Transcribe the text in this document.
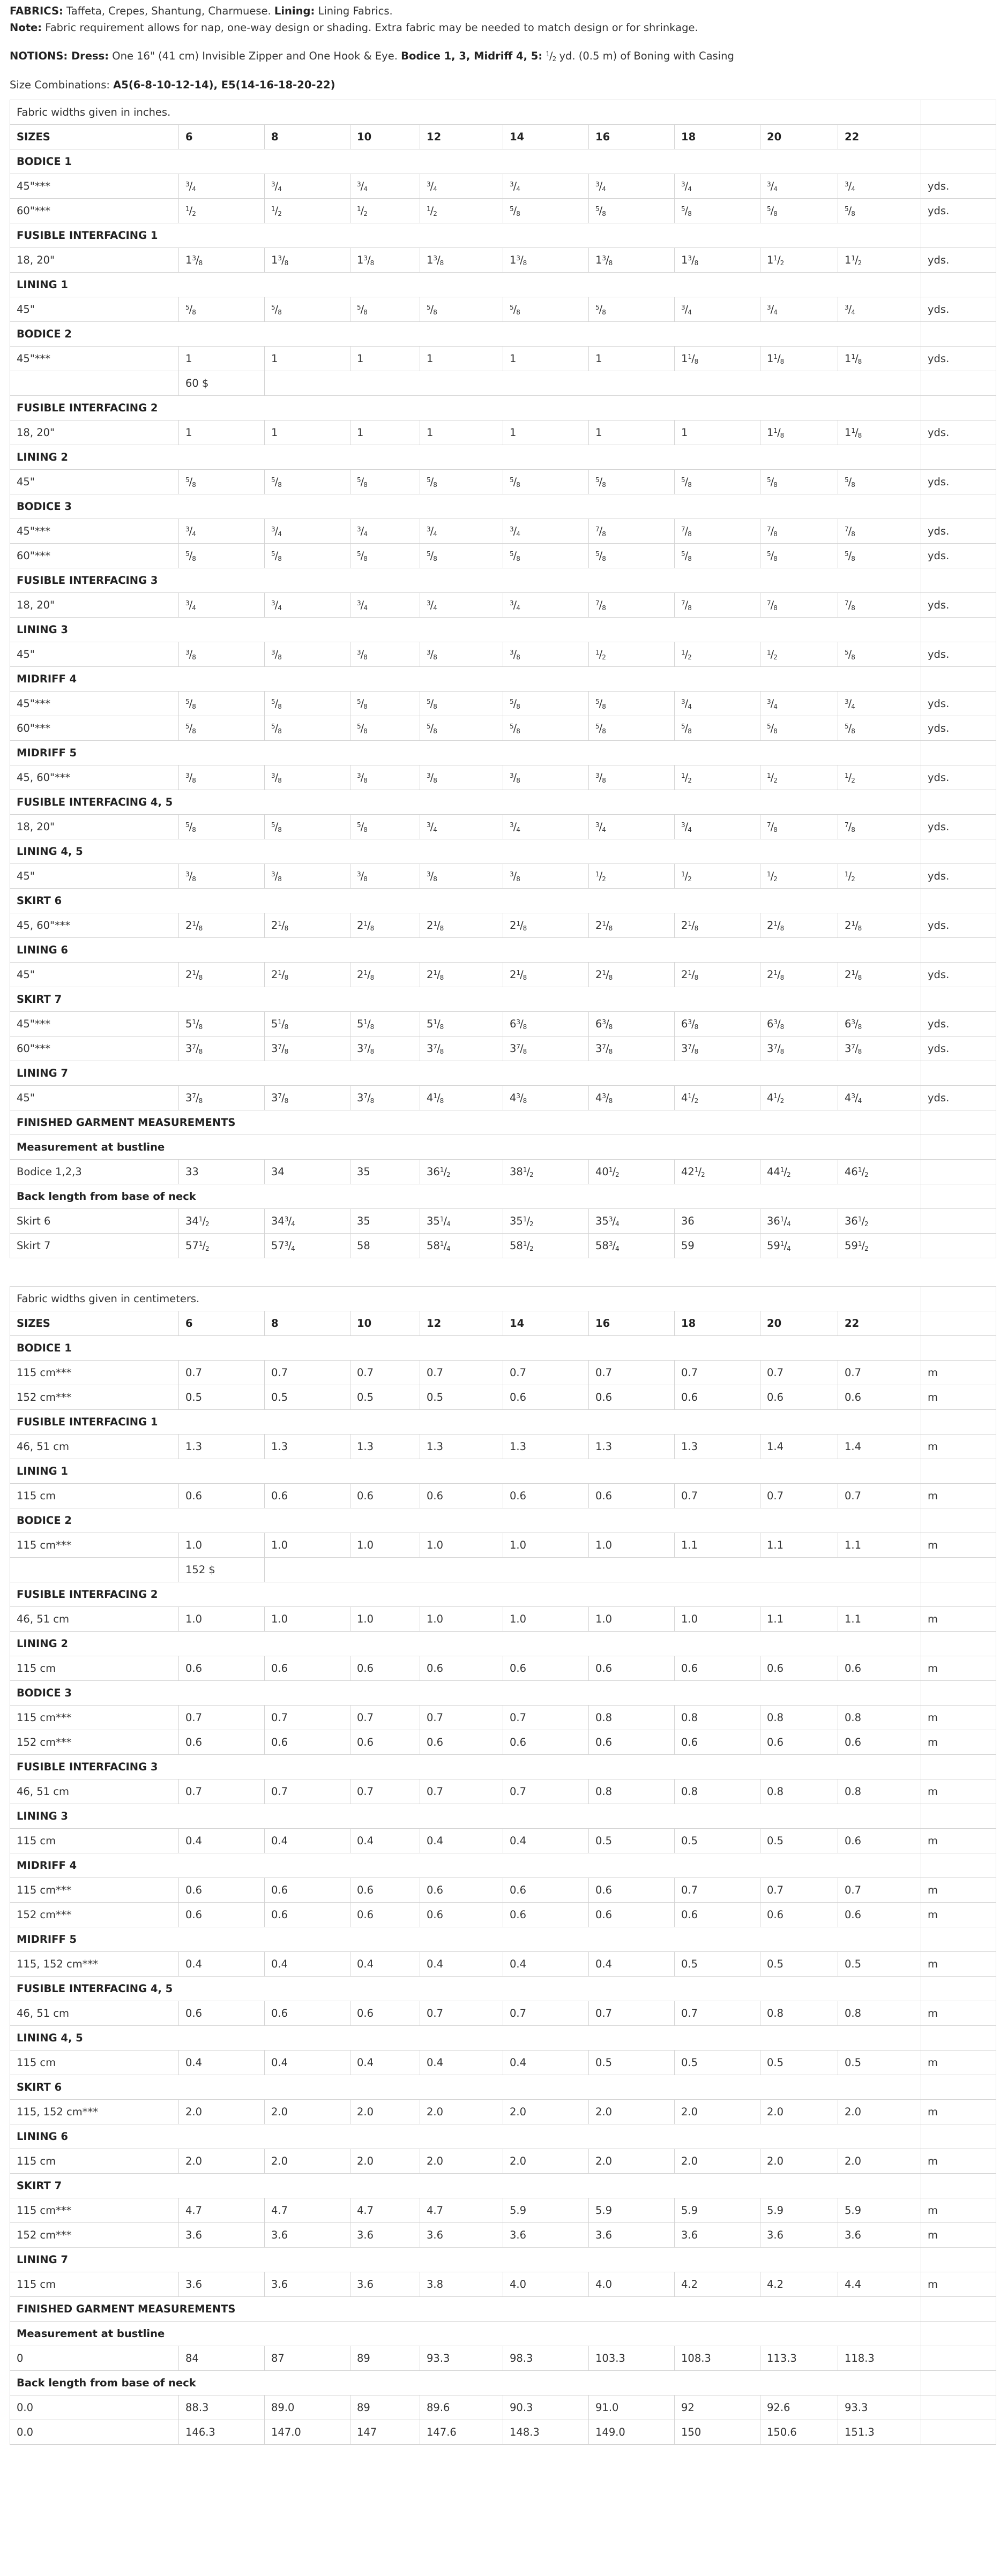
FABRICS: Taffeta, Crepes, Shantung, Charmuese. Lining: Lining Fabrics.

Note: Fabric requirement allows for nap, one-way design or shading. Extra fabric may be needed to match design or for shrinkage.

NOTIONS: Dress: One 16" (41 cm) Invisible Zipper and One Hook & Eye. Bodice 1, 3, Midriff 4, 5: $^1/_2$ yd. (0.5 m) of Boning with Casing

Size Combinations: A5(6-8-10-12-14), E5(14-16-18-20-22)

Fabric widths given in inches.										
SIZES	6	8	10	12	14	16	18	20	22	
BODICE 1										
45"***	$^3/_4$	$^3/_4$	$^3/_4$	$^3/_4$	$^3/_4$	$^3/_4$	$^3/_4$	$^3/_4$	$^3/_4$	yds.
60"***	$^1/_2$	$^1/_2$	$^1/_2$	$^1/_2$	$^5/_8$	$^5/_8$	$^5/_8$	$^5/_8$	$^5/_8$	yds.
FUSIBLE INTERFACING 1										
18, 20"	$1^3/_8$	$1^3/_8$	$1^3/_8$	$1^3/_8$	$1^3/_8$	$1^3/_8$	$1^3/_8$	$1^1/_2$	$1^1/_2$	yds.
LINING 1										
45"	$^5/_8$	$^5/_8$	$^5/_8$	$^5/_8$	$^5/_8$	$^5/_8$	$^3/_4$	$^3/_4$	$^3/_4$	yds.
BODICE 2										
45"***	1	1	1	1	1	1	$1^1/_8$	$1^1/_8$	$1^1/_8$	yds.
	60 $									
FUSIBLE INTERFACING 2										
18, 20"	1	1	1	1	1	1	1	$1^1/_8$	$1^1/_8$	yds.
LINING 2										
45"	$^5/_8$	$^5/_8$	$^5/_8$	$^5/_8$	$^5/_8$	$^5/_8$	$^5/_8$	$^5/_8$	$^5/_8$	yds.
BODICE 3										
45"***	$^3/_4$	$^3/_4$	$^3/_4$	$^3/_4$	$^3/_4$	$^7/_8$	$^7/_8$	$^7/_8$	$^7/_8$	yds.
60"***	$^5/_8$	$^5/_8$	$^5/_8$	$^5/_8$	$^5/_8$	$^5/_8$	$^5/_8$	$^5/_8$	$^5/_8$	yds.
FUSIBLE INTERFACING 3										
18, 20"	$^3/_4$	$^3/_4$	$^3/_4$	$^3/_4$	$^3/_4$	$^7/_8$	$^7/_8$	$^7/_8$	$^7/_8$	yds.
LINING 3										
45"	$^3/_8$	$^3/_8$	$^3/_8$	$^3/_8$	$^3/_8$	$^1/_2$	$^1/_2$	$^1/_2$	$^5/_8$	yds.
MIDRIFF 4										
45"***	$^5/_8$	$^5/_8$	$^5/_8$	$^5/_8$	$^5/_8$	$^5/_8$	$^3/_4$	$^3/_4$	$^3/_4$	yds.
60"***	$^5/_8$	$^5/_8$	$^5/_8$	$^5/_8$	$^5/_8$	$^5/_8$	$^5/_8$	$^5/_8$	$^5/_8$	yds.
MIDRIFF 5										
45, 60"***	$^3/_8$	$^3/_8$	$^3/_8$	$^3/_8$	$^3/_8$	$^3/_8$	$^1/_2$	$^1/_2$	$^1/_2$	yds.
FUSIBLE INTERFACING 4, 5										
18, 20"	$^5/_8$	$^5/_8$	$^5/_8$	$^3/_4$	$^3/_4$	$^3/_4$	$^3/_4$	$^7/_8$	$^7/_8$	yds.
LINING 4, 5										
45"	$^3/_8$	$^3/_8$	$^3/_8$	$^3/_8$	$^3/_8$	$^1/_2$	$^1/_2$	$^1/_2$	$^1/_2$	yds.
SKIRT 6										
45, 60"***	$2^1/_8$	$2^1/_8$	$2^1/_8$	$2^1/_8$	$2^1/_8$	$2^1/_8$	$2^1/_8$	$2^1/_8$	$2^1/_8$	yds.
LINING 6										
45"	$2^1/_8$	$2^1/_8$	$2^1/_8$	$2^1/_8$	$2^1/_8$	$2^1/_8$	$2^1/_8$	$2^1/_8$	$2^1/_8$	yds.
SKIRT 7										
45"***	$5^1/_8$	$5^1/_8$	$5^1/_8$	$5^1/_8$	$6^3/_8$	$6^3/_8$	$6^3/_8$	$6^3/_8$	$6^3/_8$	yds.
60"***	$3^7/_8$	$3^7/_8$	$3^7/_8$	$3^7/_8$	$3^7/_8$	$3^7/_8$	$3^7/_8$	$3^7/_8$	$3^7/_8$	yds.
LINING 7										
45"	$3^7/_8$	$3^7/_8$	$3^7/_8$	$4^1/_8$	$4^3/_8$	$4^3/_8$	$4^1/_2$	$4^1/_2$	$4^3/_4$	yds.
FINISHED GARMENT MEASUREMENTS										
Measurement at bustline										
Bodice 1,2,3	33	34	35	$36^1/_2$	$38^1/_2$	$40^1/_2$	$42^1/_2$	$44^1/_2$	$46^1/_2$	
Back length from base of neck										
Skirt 6	$34^1/_2$	$34^3/_4$	35	$35^1/_4$	$35^1/_2$	$35^3/_4$	36	$36^1/_4$	$36^1/_2$	
Skirt 7	$57^1/_2$	$57^3/_4$	58	$58^1/_4$	$58^1/_2$	$58^3/_4$	59	$59^1/_4$	$59^1/_2$	
Fabric widths given in centimeters.										
SIZES	6	8	10	12	14	16	18	20	22	
BODICE 1										
115 cm***	0.7	0.7	0.7	0.7	0.7	0.7	0.7	0.7	0.7	m
152 cm***	0.5	0.5	0.5	0.5	0.6	0.6	0.6	0.6	0.6	m
FUSIBLE INTERFACING 1										
46, 51 cm	1.3	1.3	1.3	1.3	1.3	1.3	1.3	1.4	1.4	m
LINING 1										
115 cm	0.6	0.6	0.6	0.6	0.6	0.6	0.7	0.7	0.7	m
BODICE 2										
115 cm***	1.0	1.0	1.0	1.0	1.0	1.0	1.1	1.1	1.1	m
	152 $									
FUSIBLE INTERFACING 2										
46, 51 cm	1.0	1.0	1.0	1.0	1.0	1.0	1.0	1.1	1.1	m
LINING 2										
115 cm	0.6	0.6	0.6	0.6	0.6	0.6	0.6	0.6	0.6	m
BODICE 3										
115 cm***	0.7	0.7	0.7	0.7	0.7	0.8	0.8	0.8	0.8	m
152 cm***	0.6	0.6	0.6	0.6	0.6	0.6	0.6	0.6	0.6	m
FUSIBLE INTERFACING 3										
46, 51 cm	0.7	0.7	0.7	0.7	0.7	0.8	0.8	0.8	0.8	m
LINING 3										
115 cm	0.4	0.4	0.4	0.4	0.4	0.5	0.5	0.5	0.6	m
MIDRIFF 4										
115 cm***	0.6	0.6	0.6	0.6	0.6	0.6	0.7	0.7	0.7	m
152 cm***	0.6	0.6	0.6	0.6	0.6	0.6	0.6	0.6	0.6	m
MIDRIFF 5										
115, 152 cm***	0.4	0.4	0.4	0.4	0.4	0.4	0.5	0.5	0.5	m
FUSIBLE INTERFACING 4, 5										
46, 51 cm	0.6	0.6	0.6	0.7	0.7	0.7	0.7	0.8	0.8	m
LINING 4, 5										
115 cm	0.4	0.4	0.4	0.4	0.4	0.5	0.5	0.5	0.5	m
SKIRT 6										
115, 152 cm***	2.0	2.0	2.0	2.0	2.0	2.0	2.0	2.0	2.0	m
LINING 6										
115 cm	2.0	2.0	2.0	2.0	2.0	2.0	2.0	2.0	2.0	m
SKIRT 7										
115 cm***	4.7	4.7	4.7	4.7	5.9	5.9	5.9	5.9	5.9	m
152 cm***	3.6	3.6	3.6	3.6	3.6	3.6	3.6	3.6	3.6	m
LINING 7										
115 cm	3.6	3.6	3.6	3.8	4.0	4.0	4.2	4.2	4.4	m
FINISHED GARMENT MEASUREMENTS										
Measurement at bustline										
0	84	87	89	93.3	98.3	103.3	108.3	113.3	118.3	
Back length from base of neck										
0.0	88.3	89.0	89	89.6	90.3	91.0	92	92.6	93.3	
0.0	146.3	147.0	147	147.6	148.3	149.0	150	150.6	151.3	
